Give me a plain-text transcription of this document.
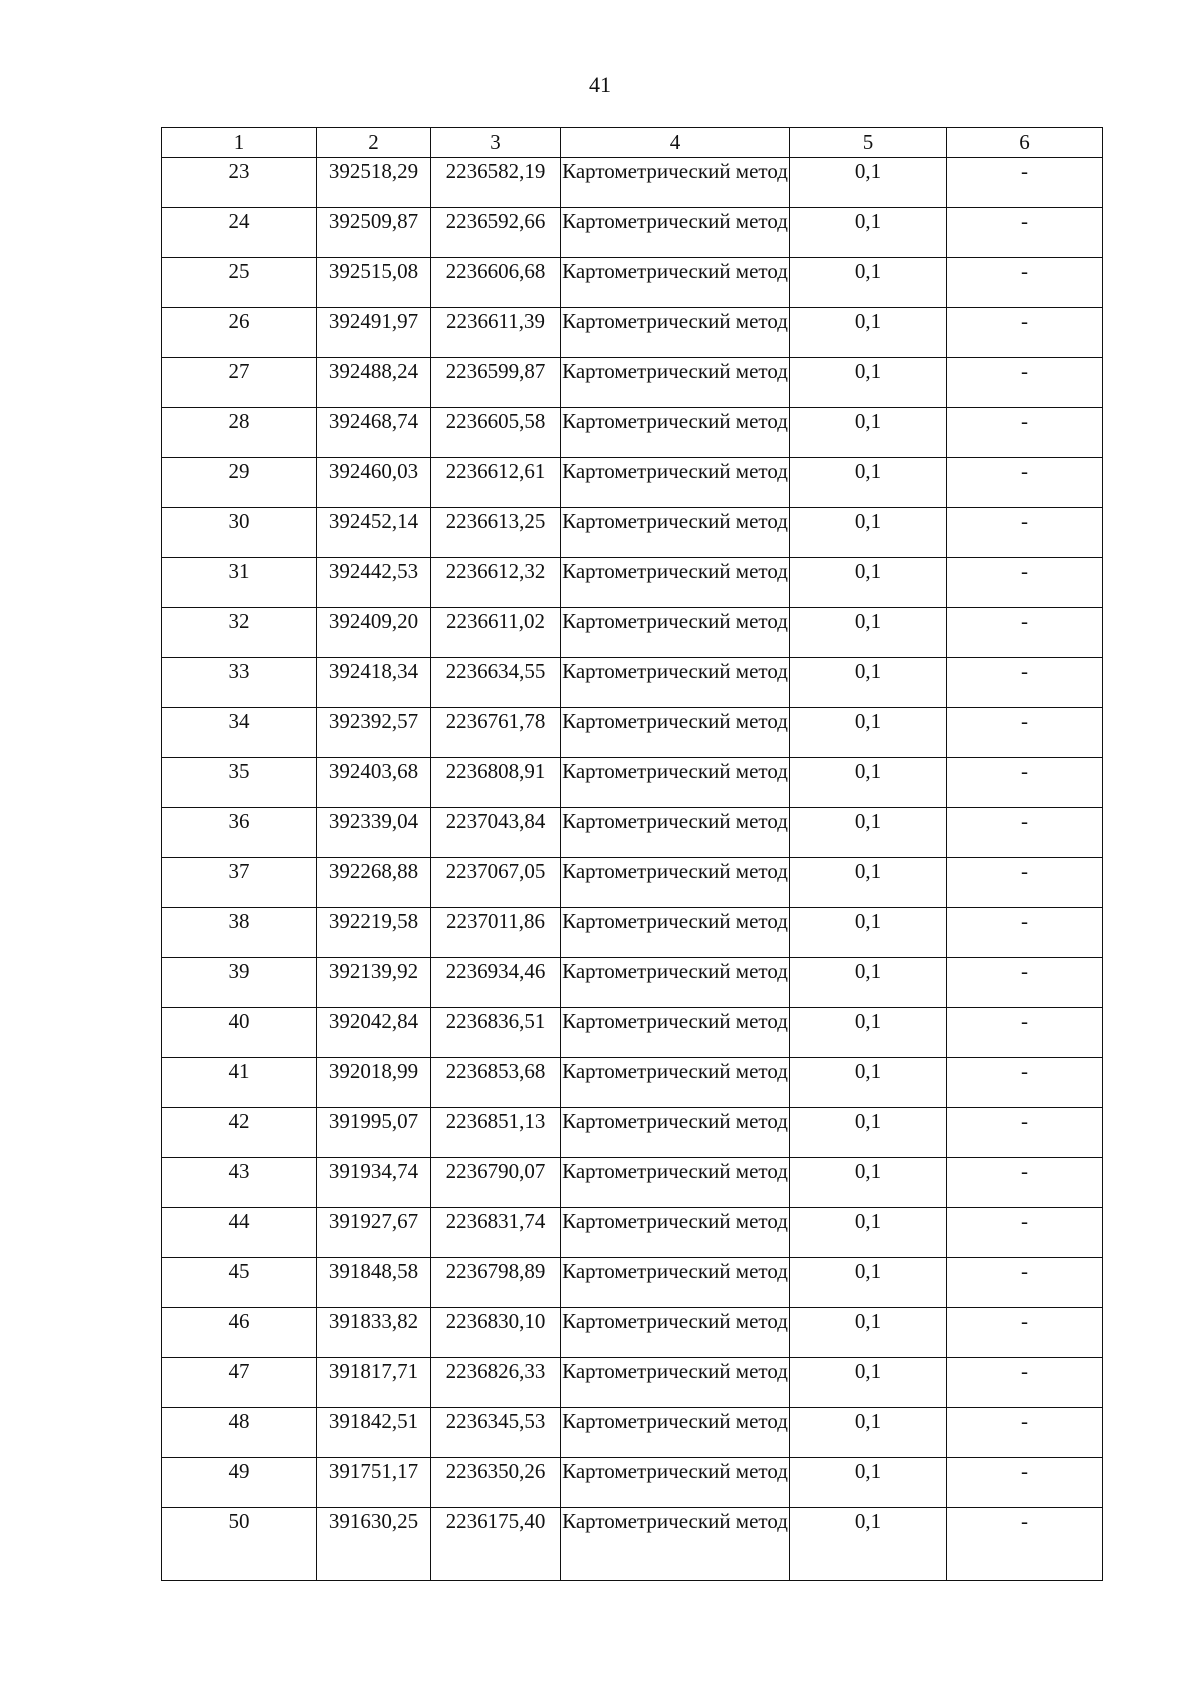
41
1	2	3	4	5	6

23	392518,29	2236582,19	Картометрический метод	0,1	-

24	392509,87	2236592,66	Картометрический метод	0,1	-

25	392515,08	2236606,68	Картометрический метод	0,1	-

26	392491,97	2236611,39	Картометрический метод	0,1	-

27	392488,24	2236599,87	Картометрический метод	0,1	-

28	392468,74	2236605,58	Картометрический метод	0,1	-

29	392460,03	2236612,61	Картометрический метод	0,1	-

30	392452,14	2236613,25	Картометрический метод	0,1	-

31	392442,53	2236612,32	Картометрический метод	0,1	-

32	392409,20	2236611,02	Картометрический метод	0,1	-

33	392418,34	2236634,55	Картометрический метод	0,1	-

34	392392,57	2236761,78	Картометрический метод	0,1	-

35	392403,68	2236808,91	Картометрический метод	0,1	-

36	392339,04	2237043,84	Картометрический метод	0,1	-

37	392268,88	2237067,05	Картометрический метод	0,1	-

38	392219,58	2237011,86	Картометрический метод	0,1	-

39	392139,92	2236934,46	Картометрический метод	0,1	-

40	392042,84	2236836,51	Картометрический метод	0,1	-

41	392018,99	2236853,68	Картометрический метод	0,1	-

42	391995,07	2236851,13	Картометрический метод	0,1	-

43	391934,74	2236790,07	Картометрический метод	0,1	-

44	391927,67	2236831,74	Картометрический метод	0,1	-

45	391848,58	2236798,89	Картометрический метод	0,1	-

46	391833,82	2236830,10	Картометрический метод	0,1	-

47	391817,71	2236826,33	Картометрический метод	0,1	-

48	391842,51	2236345,53	Картометрический метод	0,1	-

49	391751,17	2236350,26	Картометрический метод	0,1	-

50	391630,25	2236175,40	Картометрический метод	0,1	-
